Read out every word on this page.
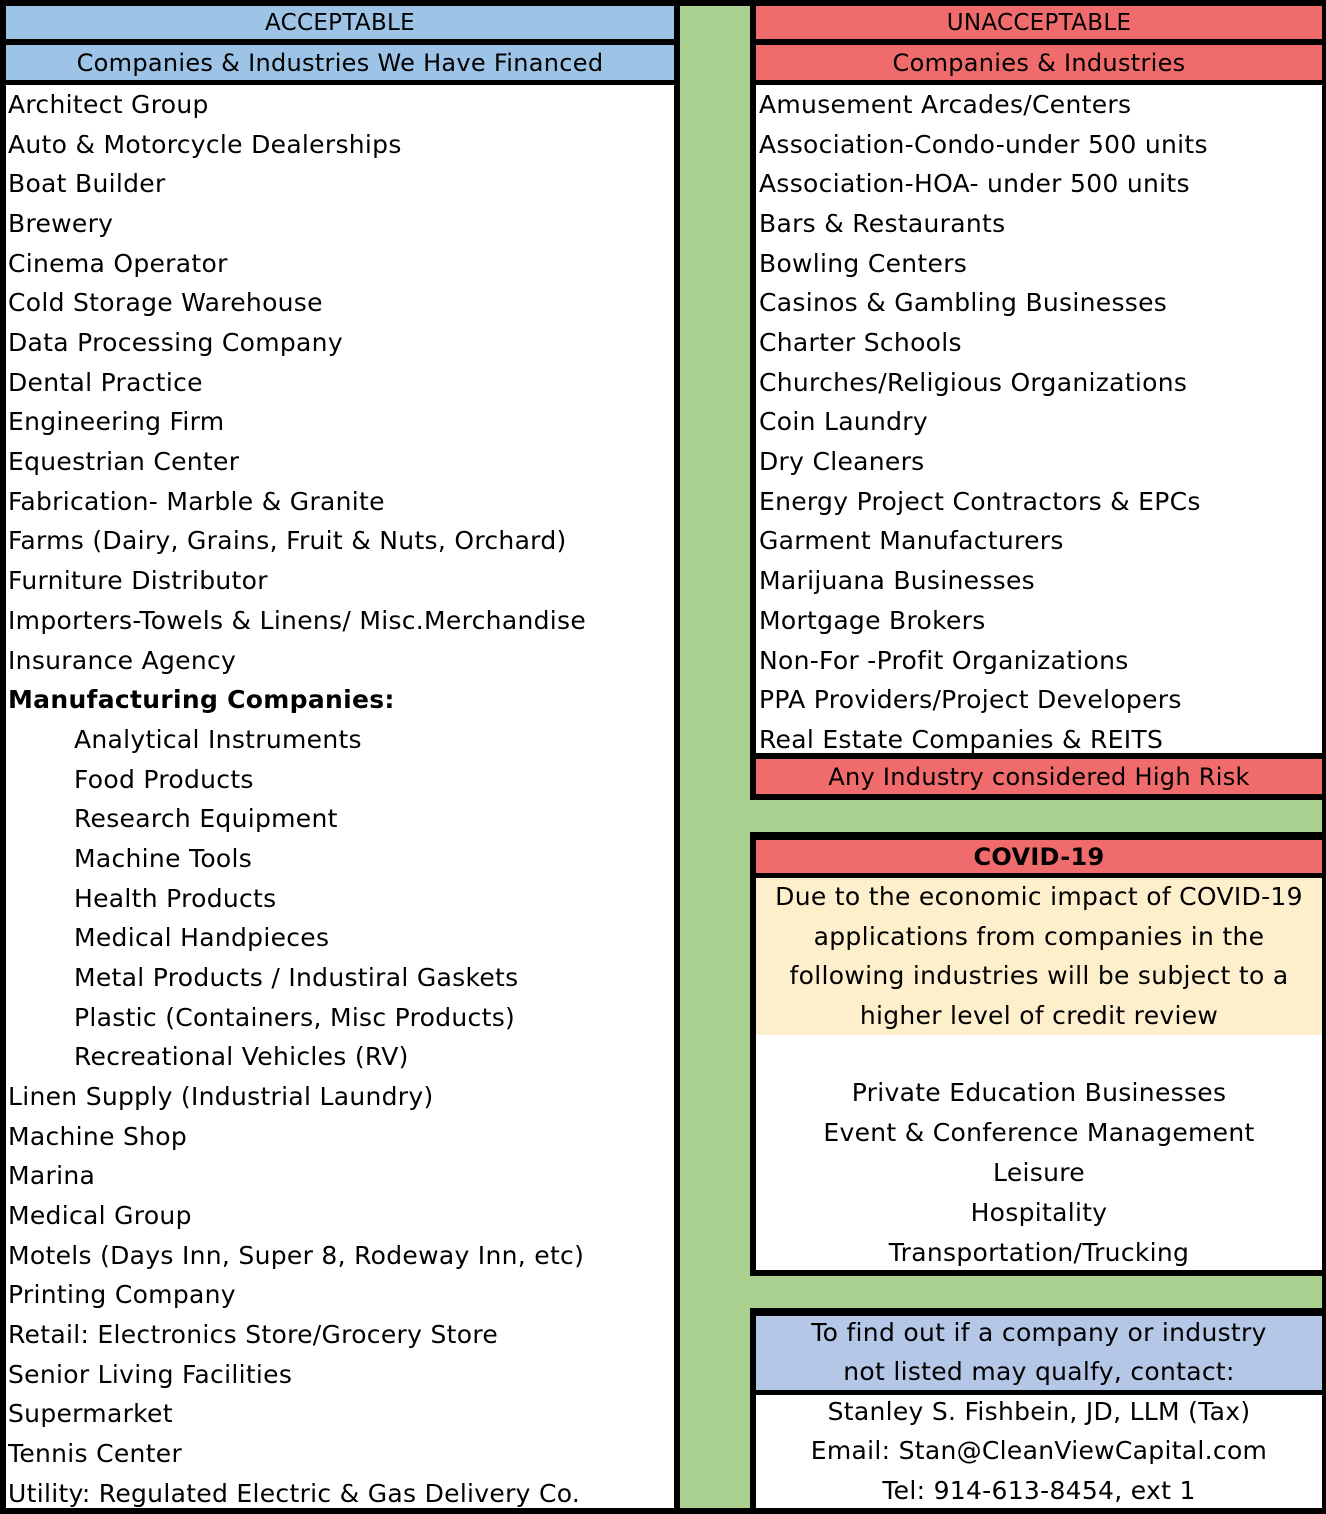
ACCEPTABLE
Companies & Industries We Have Financed
Architect Group
Auto & Motorcycle Dealerships
Boat Builder
Brewery
Cinema Operator
Cold Storage Warehouse
Data Processing Company
Dental Practice
Engineering Firm
Equestrian Center
Fabrication- Marble & Granite
Farms (Dairy, Grains, Fruit & Nuts, Orchard)
Furniture Distributor
Importers-Towels & Linens/ Misc.Merchandise
Insurance Agency
Manufacturing Companies:
Analytical Instruments
Food Products
Research Equipment
Machine Tools
Health Products
Medical Handpieces
Metal Products / Industiral Gaskets
Plastic (Containers, Misc Products)
Recreational Vehicles (RV)
Linen Supply (Industrial Laundry)
Machine Shop
Marina
Medical Group
Motels (Days Inn, Super 8, Rodeway Inn, etc)
Printing Company
Retail: Electronics Store/Grocery Store
Senior Living Facilities
Supermarket
Tennis Center
Utility: Regulated Electric & Gas Delivery Co.
UNACCEPTABLE
Companies & Industries
Amusement Arcades/Centers
Association-Condo-under 500 units
Association-HOA- under 500 units
Bars & Restaurants
Bowling Centers
Casinos & Gambling Businesses
Charter Schools
Churches/Religious Organizations
Coin Laundry
Dry Cleaners
Energy Project Contractors & EPCs
Garment Manufacturers
Marijuana Businesses
Mortgage Brokers
Non-For -Profit Organizations
PPA Providers/Project Developers
Real Estate Companies & REITS
Any Industry considered High Risk
COVID-19
Due to the economic impact of COVID-19
applications from companies in the
following industries will be subject to a
higher level of credit review
Private Education Businesses
Event & Conference Management
Leisure
Hospitality
Transportation/Trucking
To find out if a company or industry
not listed may qualfy, contact:
Stanley S. Fishbein, JD, LLM (Tax)
Email: Stan@CleanViewCapital.com
Tel: 914-613-8454, ext 1
